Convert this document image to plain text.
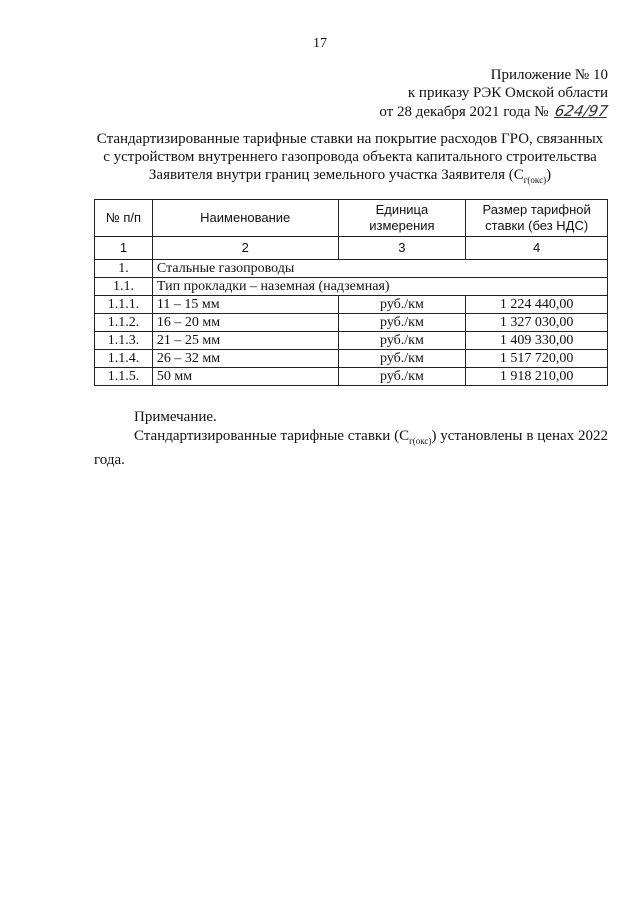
17
Приложение № 10
к приказу РЭК Омской области
от 28 декабря 2021 года № 624/97
Стандартизированные тарифные ставки на покрытие расходов ГРО, связанных
с устройством внутреннего газопровода объекта капитального строительства
Заявителя внутри границ земельного участка Заявителя $(С_{г(окс)})$
№ п/п	Наименование	Единица измерения	Размер тарифной ставки (без НДС)
1	2	3	4
1.	Стальные газопроводы		
1.1.	Тип прокладки – наземная (надземная)		
1.1.1.	11 – 15 мм	руб./км	1 224 440,00
1.1.2.	16 – 20 мм	руб./км	1 327 030,00
1.1.3.	21 – 25 мм	руб./км	1 409 330,00
1.1.4.	26 – 32 мм	руб./км	1 517 720,00
1.1.5.	50 мм	руб./км	1 918 210,00

Примечание.

Стандартизированные тарифные ставки $(С_{г(окс)})$ установлены в ценах 2022 года.
